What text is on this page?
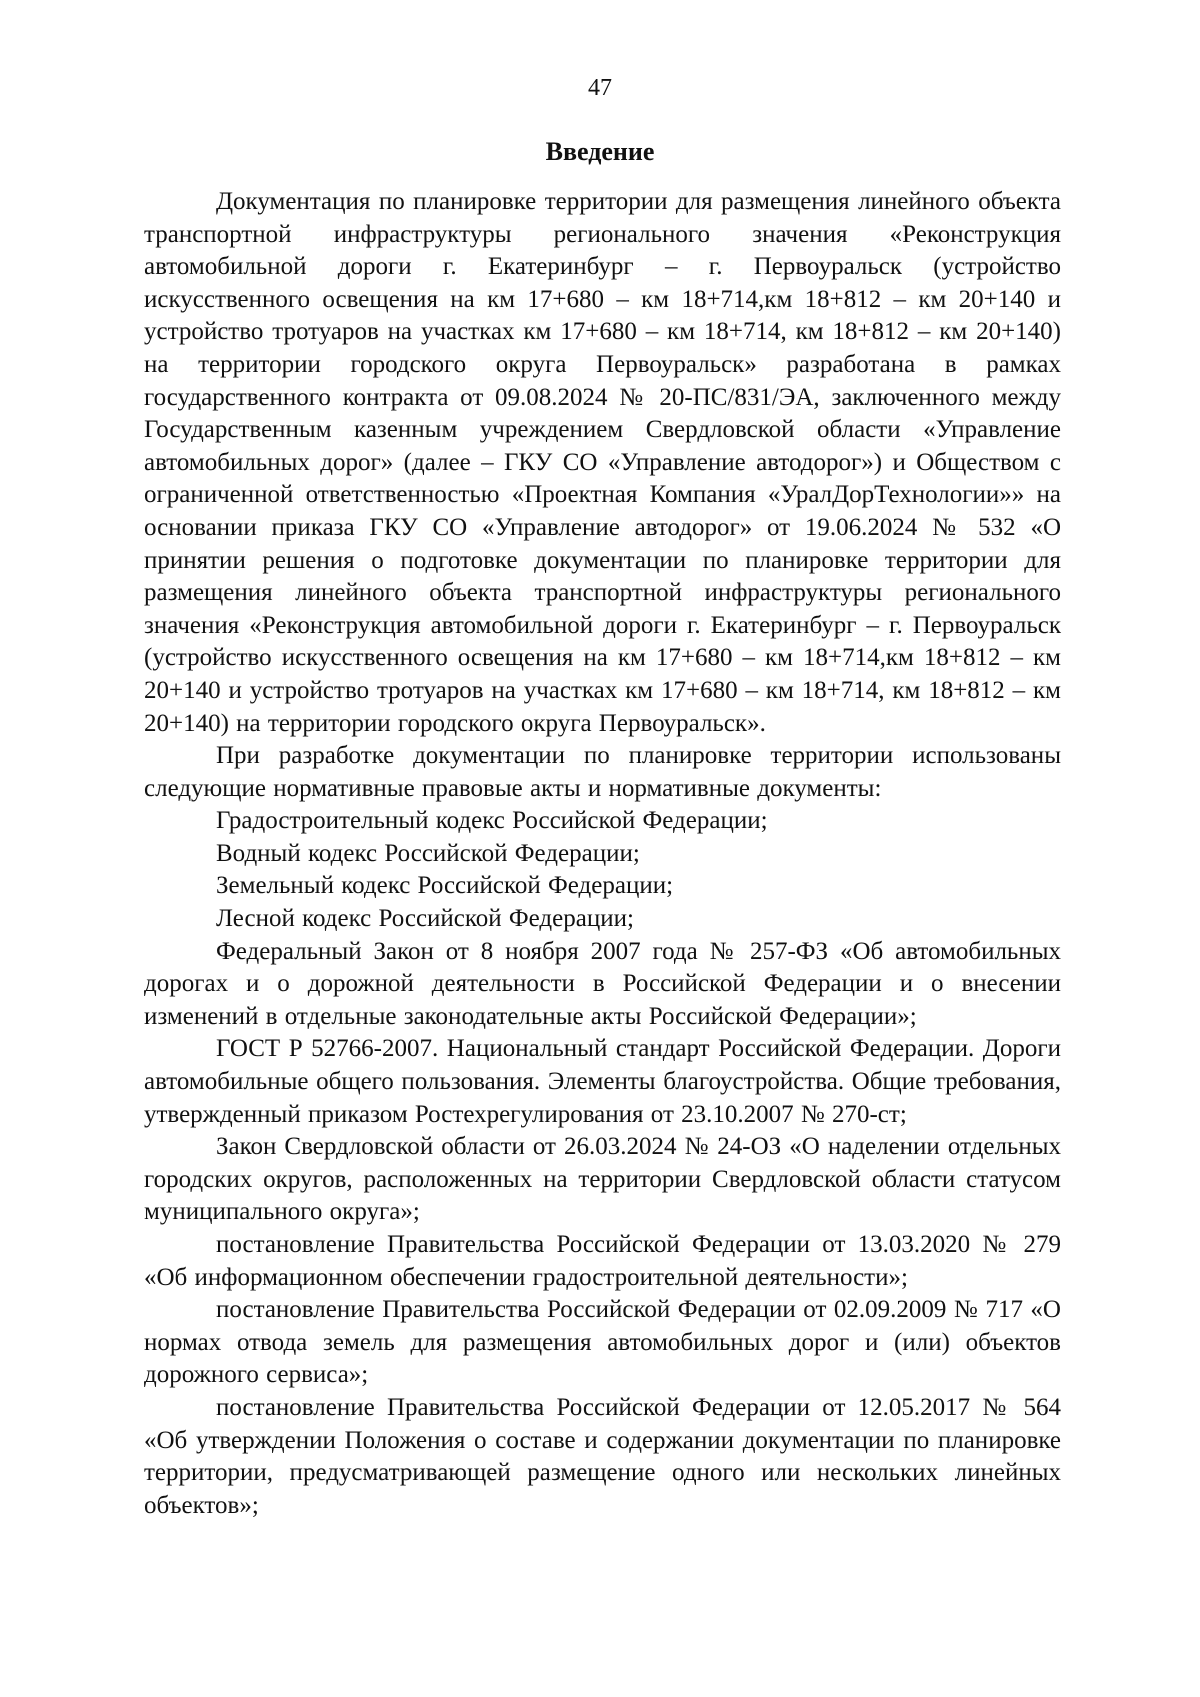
47
Введение

Документация по планировке территории для размещения линейного объекта транспортной инфраструктуры регионального значения «Реконструкция автомобильной дороги г. Екатеринбург – г. Первоуральск (устройство искусственного освещения на км 17+680 – км 18+714,км 18+812 – км 20+140 и устройство тротуаров на участках км 17+680 – км 18+714, км 18+812 – км 20+140) на территории городского округа Первоуральск» разработана в рамках государственного контракта от 09.08.2024 № 20-ПС/831/ЭА, заключенного между Государственным казенным учреждением Свердловской области «Управление автомобильных дорог» (далее – ГКУ СО «Управление автодорог») и Обществом с ограниченной ответственностью «Проектная Компания «УралДорТехнологии»» на основании приказа ГКУ СО «Управление автодорог» от 19.06.2024 № 532 «О принятии решения о подготовке документации по планировке территории для размещения линейного объекта транспортной инфраструктуры регионального значения «Реконструкция автомобильной дороги г. Екатеринбург – г. Первоуральск (устройство искусственного освещения на км 17+680 – км 18+714,км 18+812 – км 20+140 и устройство тротуаров на участках км 17+680 – км 18+714, км 18+812 – км 20+140) на территории городского округа Первоуральск».

При разработке документации по планировке территории использованы следующие нормативные правовые акты и нормативные документы:

Градостроительный кодекс Российской Федерации;

Водный кодекс Российской Федерации;

Земельный кодекс Российской Федерации;

Лесной кодекс Российской Федерации;

Федеральный Закон от 8 ноября 2007 года № 257-ФЗ «Об автомобильных дорогах и о дорожной деятельности в Российской Федерации и о внесении изменений в отдельные законодательные акты Российской Федерации»;

ГОСТ Р 52766-2007. Национальный стандарт Российской Федерации. Дороги автомобильные общего пользования. Элементы благоустройства. Общие требования, утвержденный приказом Ростехрегулирования от 23.10.2007 № 270-ст;

Закон Свердловской области от 26.03.2024 № 24-ОЗ «О наделении отдельных городских округов, расположенных на территории Свердловской области статусом муниципального округа»;

постановление Правительства Российской Федерации от 13.03.2020 № 279 «Об информационном обеспечении градостроительной деятельности»;

постановление Правительства Российской Федерации от 02.09.2009 № 717 «О нормах отвода земель для размещения автомобильных дорог и (или) объектов дорожного сервиса»;

постановление Правительства Российской Федерации от 12.05.2017 № 564 «Об утверждении Положения о составе и содержании документации по планировке территории, предусматривающей размещение одного или нескольких линейных объектов»;
